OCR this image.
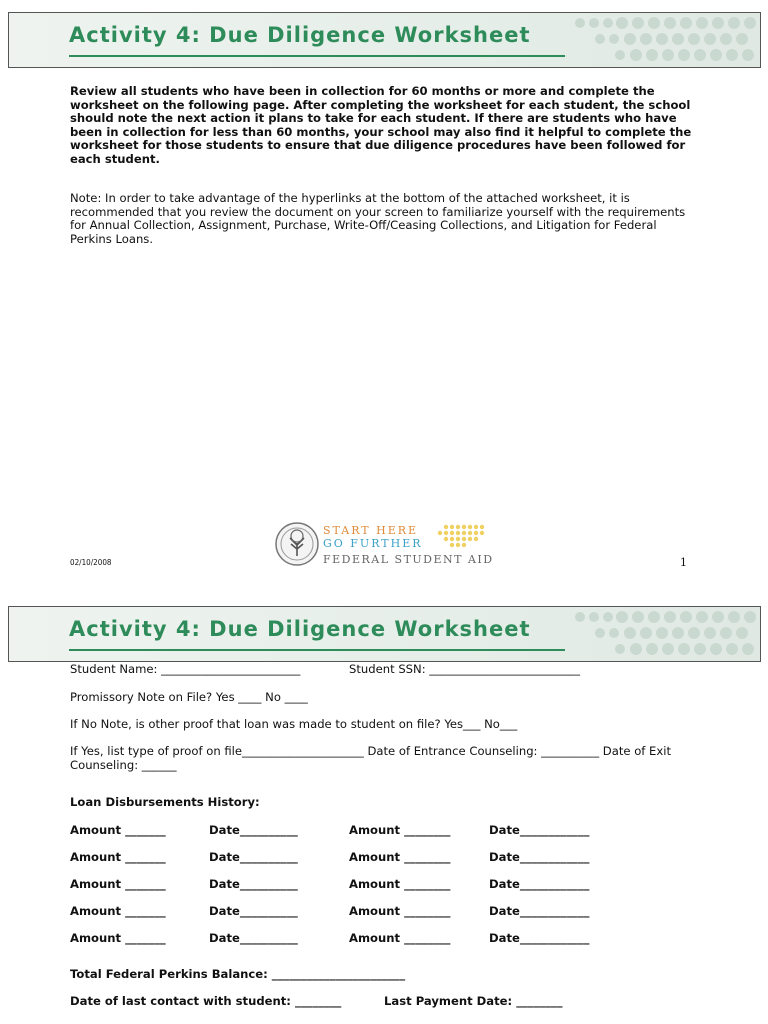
Activity 4: Due Diligence Worksheet
Review all students who have been in collection for 60 months or more and complete the worksheet on the following page. After completing the worksheet for each student, the school should note the next action it plans to take for each student. If there are students who have been in collection for less than 60 months, your school may also find it helpful to complete the worksheet for those students to ensure that due diligence procedures have been followed for each student.
Note: In order to take advantage of the hyperlinks at the bottom of the attached worksheet, it is recommended that you review the document on your screen to familiarize yourself with the requirements for Annual Collection, Assignment, Purchase, Write-Off/Ceasing Collections, and Litigation for Federal Perkins Loans.
START HERE
GO FURTHER
FEDERAL STUDENT AID
02/10/2008	1
Activity 4: Due Diligence Worksheet
Student Name: ________________________	Student SSN: __________________________
Promissory Note on File? Yes ____ No ____
If No Note, is other proof that loan was made to student on file? Yes___ No___
If Yes, list type of proof on file_____________________ Date of Entrance Counseling: __________ Date of Exit Counseling: ______
Loan Disbursements History:
Amount _______	Date__________	Amount ________	Date____________
Amount _______	Date__________	Amount ________	Date____________
Amount _______	Date__________	Amount ________	Date____________
Amount _______	Date__________	Amount ________	Date____________
Amount _______	Date__________	Amount ________	Date____________
Total Federal Perkins Balance: _______________________
Date of last contact with student: ________	Last Payment Date: ________
